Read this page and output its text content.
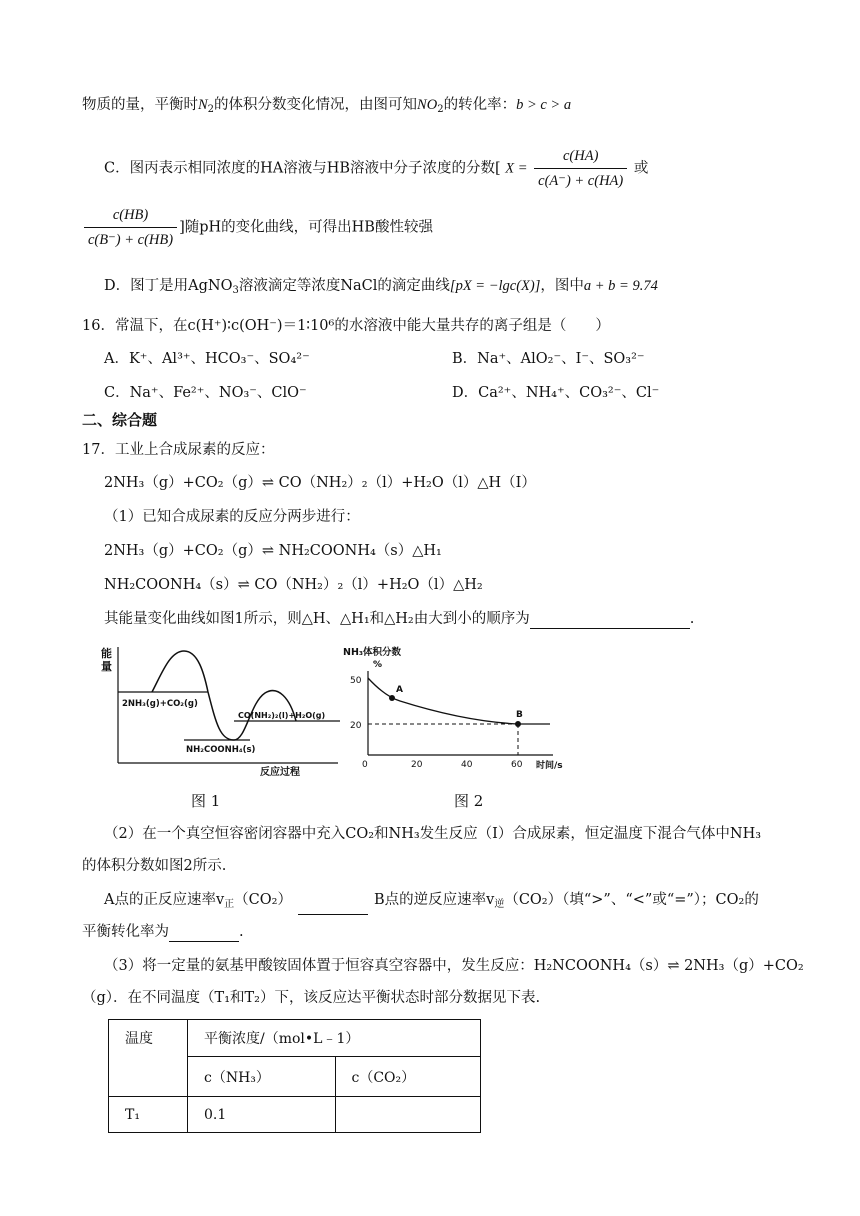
物质的量，平衡时$N_2$的体积分数变化情况，由图可知$NO_2$的转化率：b > c > a
C．图丙表示相同浓度的HA溶液与HB溶液中分子浓度的分数[ $X = \frac{c(HA)}{c(A^-) + c(HA)}$ 或
$\frac{c(HB)}{c(B^-) + c(HB)}$ ]随pH的变化曲线，可得出HB酸性较强
D．图丁是用AgNO$_3$溶液滴定等浓度NaCl的滴定曲线[pX = −lgc(X)]，图中a + b = 9.74
16．常温下，在c(H⁺)∶c(OH⁻)＝1∶10⁶的水溶液中能大量共存的离子组是（　　）
A．K⁺、Al³⁺、HCO₃⁻、SO₄²⁻	B．Na⁺、AlO₂⁻、I⁻、SO₃²⁻
C．Na⁺、Fe²⁺、NO₃⁻、ClO⁻	D．Ca²⁺、NH₄⁺、CO₃²⁻、Cl⁻
二、综合题
17．工业上合成尿素的反应：
2NH₃（g）+CO₂（g）⇌ CO（NH₂）₂（l）+H₂O（l）△H（I）
（1）已知合成尿素的反应分两步进行：
2NH₃（g）+CO₂（g）⇌ NH₂COONH₄（s）△H₁
NH₂COONH₄（s）⇌ CO（NH₂）₂（l）+H₂O（l）△H₂
其能量变化曲线如图1所示，则△H、△H₁和△H₂由大到小的顺序为	.
能
量
2NH₃(g)+CO₂(g)
CO(NH₂)₂(l)+H₂O(g)
NH₂COONH₄(s)
反应过程
图 1
NH₃体积分数
%
50
20
0	20	40	60 时间/s
A
B
图 2
（2）在一个真空恒容密闭容器中充入CO₂和NH₃发生反应（I）合成尿素，恒定温度下混合气体中NH₃
的体积分数如图2所示.
A点的正反应速率$v_正(CO_2)$	B点的逆反应速率$v_逆(CO_2)$（填“>”、“<”或“=”）；CO₂的
平衡转化率为	.
（3）将一定量的氨基甲酸铵固体置于恒容真空容器中，发生反应：H₂NCOONH₄（s）⇌ 2NH₃（g）+CO₂
（g）．在不同温度（T₁和T₂）下，该反应达平衡状态时部分数据见下表.
温度	平衡浓度/（mol•L﹣1）	
	c（NH₃）	c（CO₂）
T₁	0.1	
